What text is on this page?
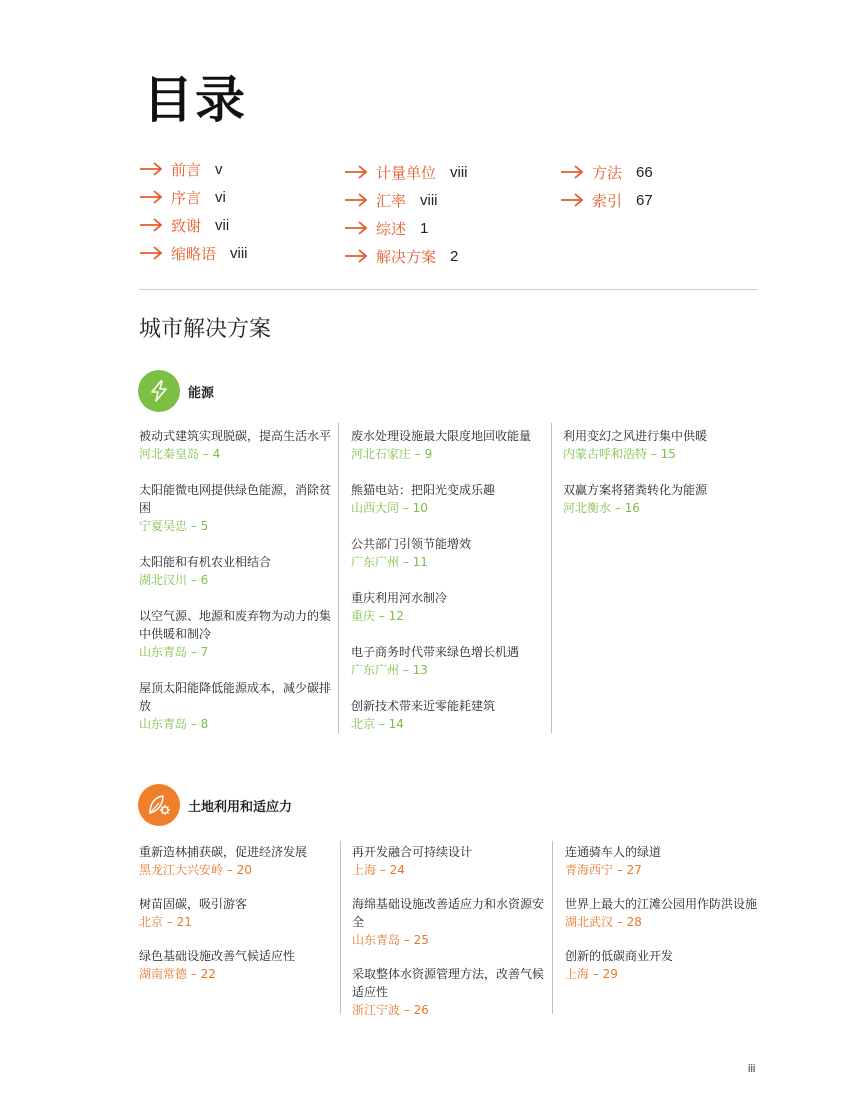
目录
前言 v
序言 vi
致谢 vii
缩略语 viii
计量单位 viii
汇率 viii
综述 1
解决方案 2
方法 66
索引 67
城市解决方案
能源
被动式建筑实现脱碳，提高生活水平
河北秦皇岛 – 4
太阳能微电网提供绿色能源，消除贫困
宁夏吴忠 – 5
太阳能和有机农业相结合
湖北汉川 – 6
以空气源、地源和废弃物为动力的集中供暖和制冷
山东青岛 – 7
屋顶太阳能降低能源成本，减少碳排放
山东青岛 – 8
废水处理设施最大限度地回收能量
河北石家庄 – 9
熊猫电站：把阳光变成乐趣
山西大同 – 10
公共部门引领节能增效
广东广州 – 11
重庆利用河水制冷
重庆 – 12
电子商务时代带来绿色增长机遇
广东广州 – 13
创新技术带来近零能耗建筑
北京 – 14
利用变幻之风进行集中供暖
内蒙古呼和浩特 – 15
双赢方案将猪粪转化为能源
河北衡水 – 16
土地利用和适应力
重新造林捕获碳，促进经济发展
黑龙江大兴安岭 – 20
树苗固碳，吸引游客
北京 – 21
绿色基础设施改善气候适应性
湖南常德 – 22
再开发融合可持续设计
上海 – 24
海绵基础设施改善适应力和水资源安全
山东青岛 – 25
采取整体水资源管理方法，改善气候适应性
浙江宁波 – 26
连通骑车人的绿道
青海西宁 – 27
世界上最大的江滩公园用作防洪设施
湖北武汉 – 28
创新的低碳商业开发
上海 – 29
iii
